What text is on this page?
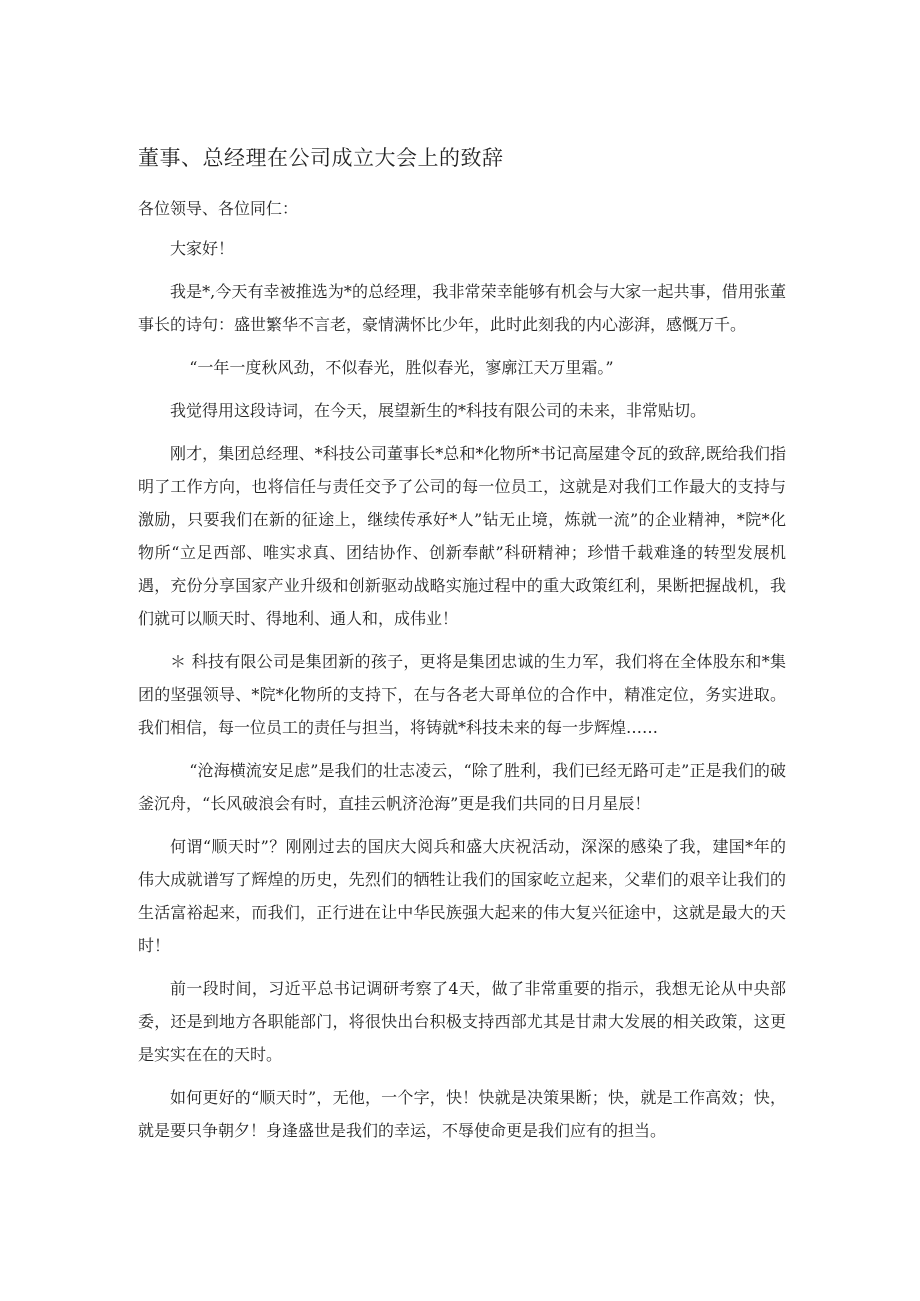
董事、总经理在公司成立大会上的致辞
各位领导、各位同仁：

大家好！

我是*,今天有幸被推选为*的总经理，我非常荣幸能够有机会与大家一起共事，借用张董事长的诗句：盛世繁华不言老，豪情满怀比少年，此时此刻我的内心澎湃，感慨万千。

“一年一度秋风劲，不似春光，胜似春光，寥廓江天万里霜。”

我觉得用这段诗词，在今天，展望新生的*科技有限公司的未来，非常贴切。

刚才，集团总经理、*科技公司董事长*总和*化物所*书记高屋建令瓦的致辞,既给我们指明了工作方向，也将信任与责任交予了公司的每一位员工，这就是对我们工作最大的支持与激励，只要我们在新的征途上，继续传承好*人”钻无止境，炼就一流”的企业精神，*院*化物所“立足西部、唯实求真、团结协作、创新奉献”科研精神；珍惜千载难逢的转型发展机遇，充份分享国家产业升级和创新驱动战略实施过程中的重大政策红利，果断把握战机，我们就可以顺天时、得地利、通人和，成伟业！

＊ 科技有限公司是集团新的孩子，更将是集团忠诚的生力军，我们将在全体股东和*集团的坚强领导、*院*化物所的支持下，在与各老大哥单位的合作中，精准定位，务实进取。我们相信，每一位员工的责任与担当，将铸就*科技未来的每一步辉煌……

“沧海横流安足虑”是我们的壮志凌云，“除了胜利，我们已经无路可走”正是我们的破釜沉舟，“长风破浪会有时，直挂云帆济沧海”更是我们共同的日月星辰！

何谓“顺天时”？刚刚过去的国庆大阅兵和盛大庆祝活动，深深的感染了我，建国*年的伟大成就谱写了辉煌的历史，先烈们的牺牲让我们的国家屹立起来，父辈们的艰辛让我们的生活富裕起来，而我们，正行进在让中华民族强大起来的伟大复兴征途中，这就是最大的天时！

前一段时间，习近平总书记调研考察了4天，做了非常重要的指示，我想无论从中央部委，还是到地方各职能部门，将很快出台积极支持西部尤其是甘肃大发展的相关政策，这更是实实在在的天时。

如何更好的“顺天时”，无他，一个字，快！快就是决策果断；快，就是工作高效；快，就是要只争朝夕！身逢盛世是我们的幸运，不辱使命更是我们应有的担当。
